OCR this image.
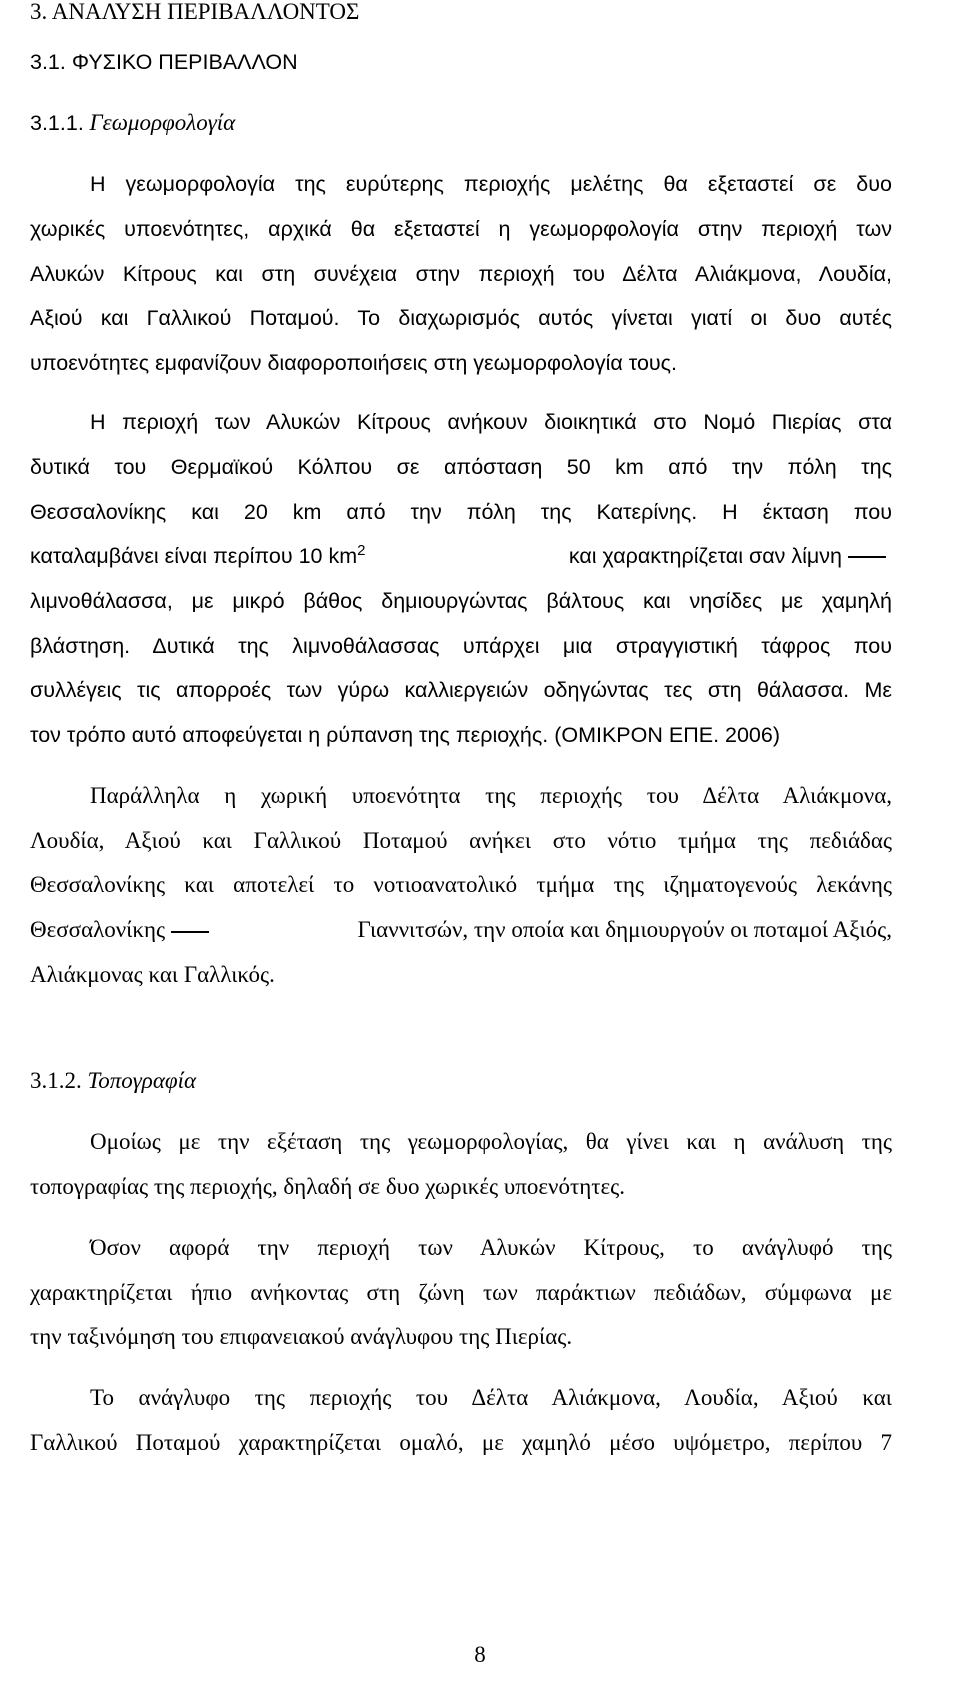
3. ΑΝΑΛΥΣΗ ΠΕΡΙΒΑΛΛΟΝΤΟΣ
3.1. ΦΥΣΙΚΟ ΠΕΡΙΒΑΛΛΟΝ
3.1.1. Γεωμορφολογία

Η γεωμορφολογία της ευρύτερης περιοχής μελέτης θα εξεταστεί σε δυο

χωρικές υποενότητες, αρχικά θα εξεταστεί η γεωμορφολογία στην περιοχή των

Αλυκών Κίτρους και στη συνέχεια στην περιοχή του Δέλτα Αλιάκμονα, Λουδία,

Αξιού και Γαλλικού Ποταμού. Το διαχωρισμός αυτός γίνεται γιατί οι δυο αυτές

υποενότητες εμφανίζουν διαφοροποιήσεις στη γεωμορφολογία τους.

Η περιοχή των Αλυκών Κίτρους ανήκουν διοικητικά στο Νομό Πιερίας στα

δυτικά του Θερμαϊκού Κόλπου σε απόσταση 50 km από την πόλη της

Θεσσαλονίκης και 20 km από την πόλη της Κατερίνης. Η έκταση που

καταλαμβάνει είναι περίπου 10 $km^2$	και χαρακτηρίζεται σαν λίμνη

λιμνοθάλασσα, με μικρό βάθος δημιουργώντας βάλτους και νησίδες με χαμηλή

βλάστηση. Δυτικά της λιμνοθάλασσας υπάρχει μια στραγγιστική τάφρος που

συλλέγεις τις απορροές των γύρω καλλιεργειών οδηγώντας τες στη θάλασσα. Με

τον τρόπο αυτό αποφεύγεται η ρύπανση της περιοχής. (ΟΜΙΚΡΟΝ ΕΠΕ. 2006)

Παράλληλα η χωρική υποενότητα της περιοχής του Δέλτα Αλιάκμονα,

Λουδία, Αξιού και Γαλλικού Ποταμού ανήκει στο νότιο τμήμα της πεδιάδας

Θεσσαλονίκης και αποτελεί το νοτιοανατολικό τμήμα της ιζηματογενούς λεκάνης

Θεσσαλονίκης	Γιαννιτσών, την οποία και δημιουργούν οι ποταμοί Αξιός,

Αλιάκμονας και Γαλλικός.

3.1.2. Τοπογραφία

Ομοίως με την εξέταση της γεωμορφολογίας, θα γίνει και η ανάλυση της

τοπογραφίας της περιοχής, δηλαδή σε δυο χωρικές υποενότητες.

Όσον αφορά την περιοχή των Αλυκών Κίτρους, το ανάγλυφό της

χαρακτηρίζεται ήπιο ανήκοντας στη ζώνη των παράκτιων πεδιάδων, σύμφωνα με

την ταξινόμηση του επιφανειακού ανάγλυφου της Πιερίας.

Το ανάγλυφο της περιοχής του Δέλτα Αλιάκμονα, Λουδία, Αξιού και

Γαλλικού Ποταμού χαρακτηρίζεται ομαλό, με χαμηλό μέσο υψόμετρο, περίπου 7

8
